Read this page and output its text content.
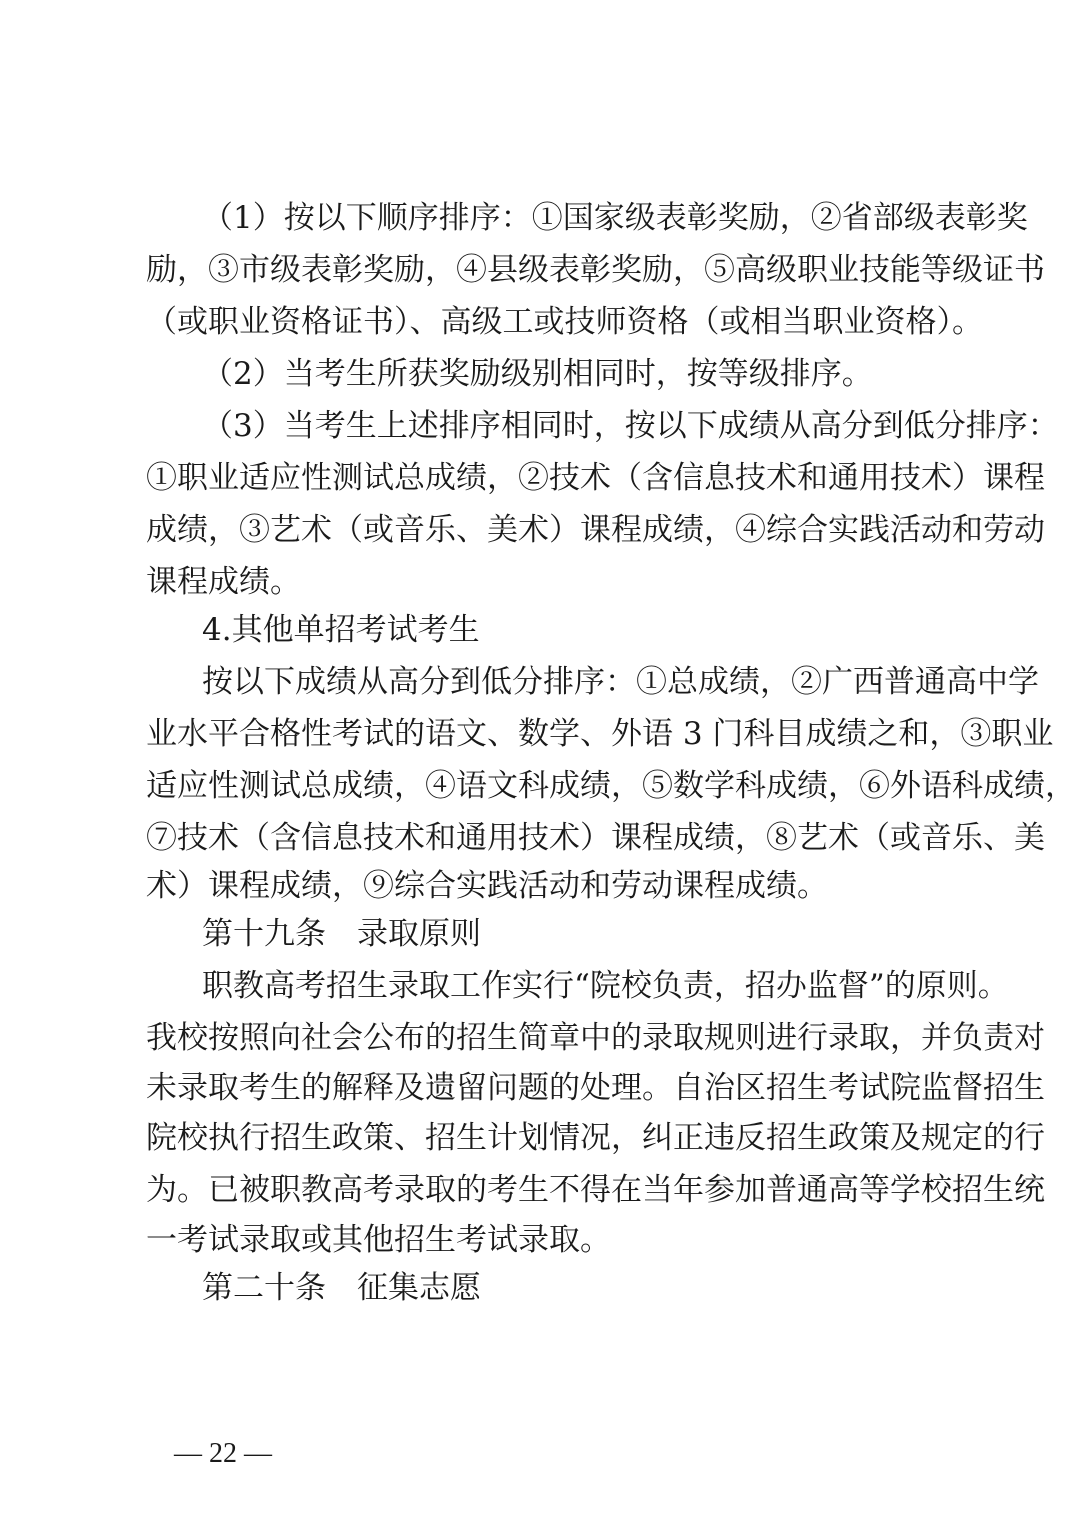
（1）按以下顺序排序：①国家级表彰奖励，②省部级表彰奖
励，③市级表彰奖励，④县级表彰奖励，⑤高级职业技能等级证书
（或职业资格证书）、高级工或技师资格（或相当职业资格）。
（2）当考生所获奖励级别相同时，按等级排序。
（3）当考生上述排序相同时，按以下成绩从高分到低分排序：
①职业适应性测试总成绩，②技术（含信息技术和通用技术）课程
成绩，③艺术（或音乐、美术）课程成绩，④综合实践活动和劳动
课程成绩。
4.其他单招考试考生
按以下成绩从高分到低分排序：①总成绩，②广西普通高中学
业水平合格性考试的语文、数学、外语 3 门科目成绩之和，③职业
适应性测试总成绩，④语文科成绩，⑤数学科成绩，⑥外语科成绩，
⑦技术（含信息技术和通用技术）课程成绩，⑧艺术（或音乐、美
术）课程成绩，⑨综合实践活动和劳动课程成绩。
第十九条　录取原则
职教高考招生录取工作实行“院校负责，招办监督”的原则。
我校按照向社会公布的招生简章中的录取规则进行录取，并负责对
未录取考生的解释及遗留问题的处理。自治区招生考试院监督招生
院校执行招生政策、招生计划情况，纠正违反招生政策及规定的行
为。已被职教高考录取的考生不得在当年参加普通高等学校招生统
一考试录取或其他招生考试录取。
第二十条　征集志愿
— 22 —
